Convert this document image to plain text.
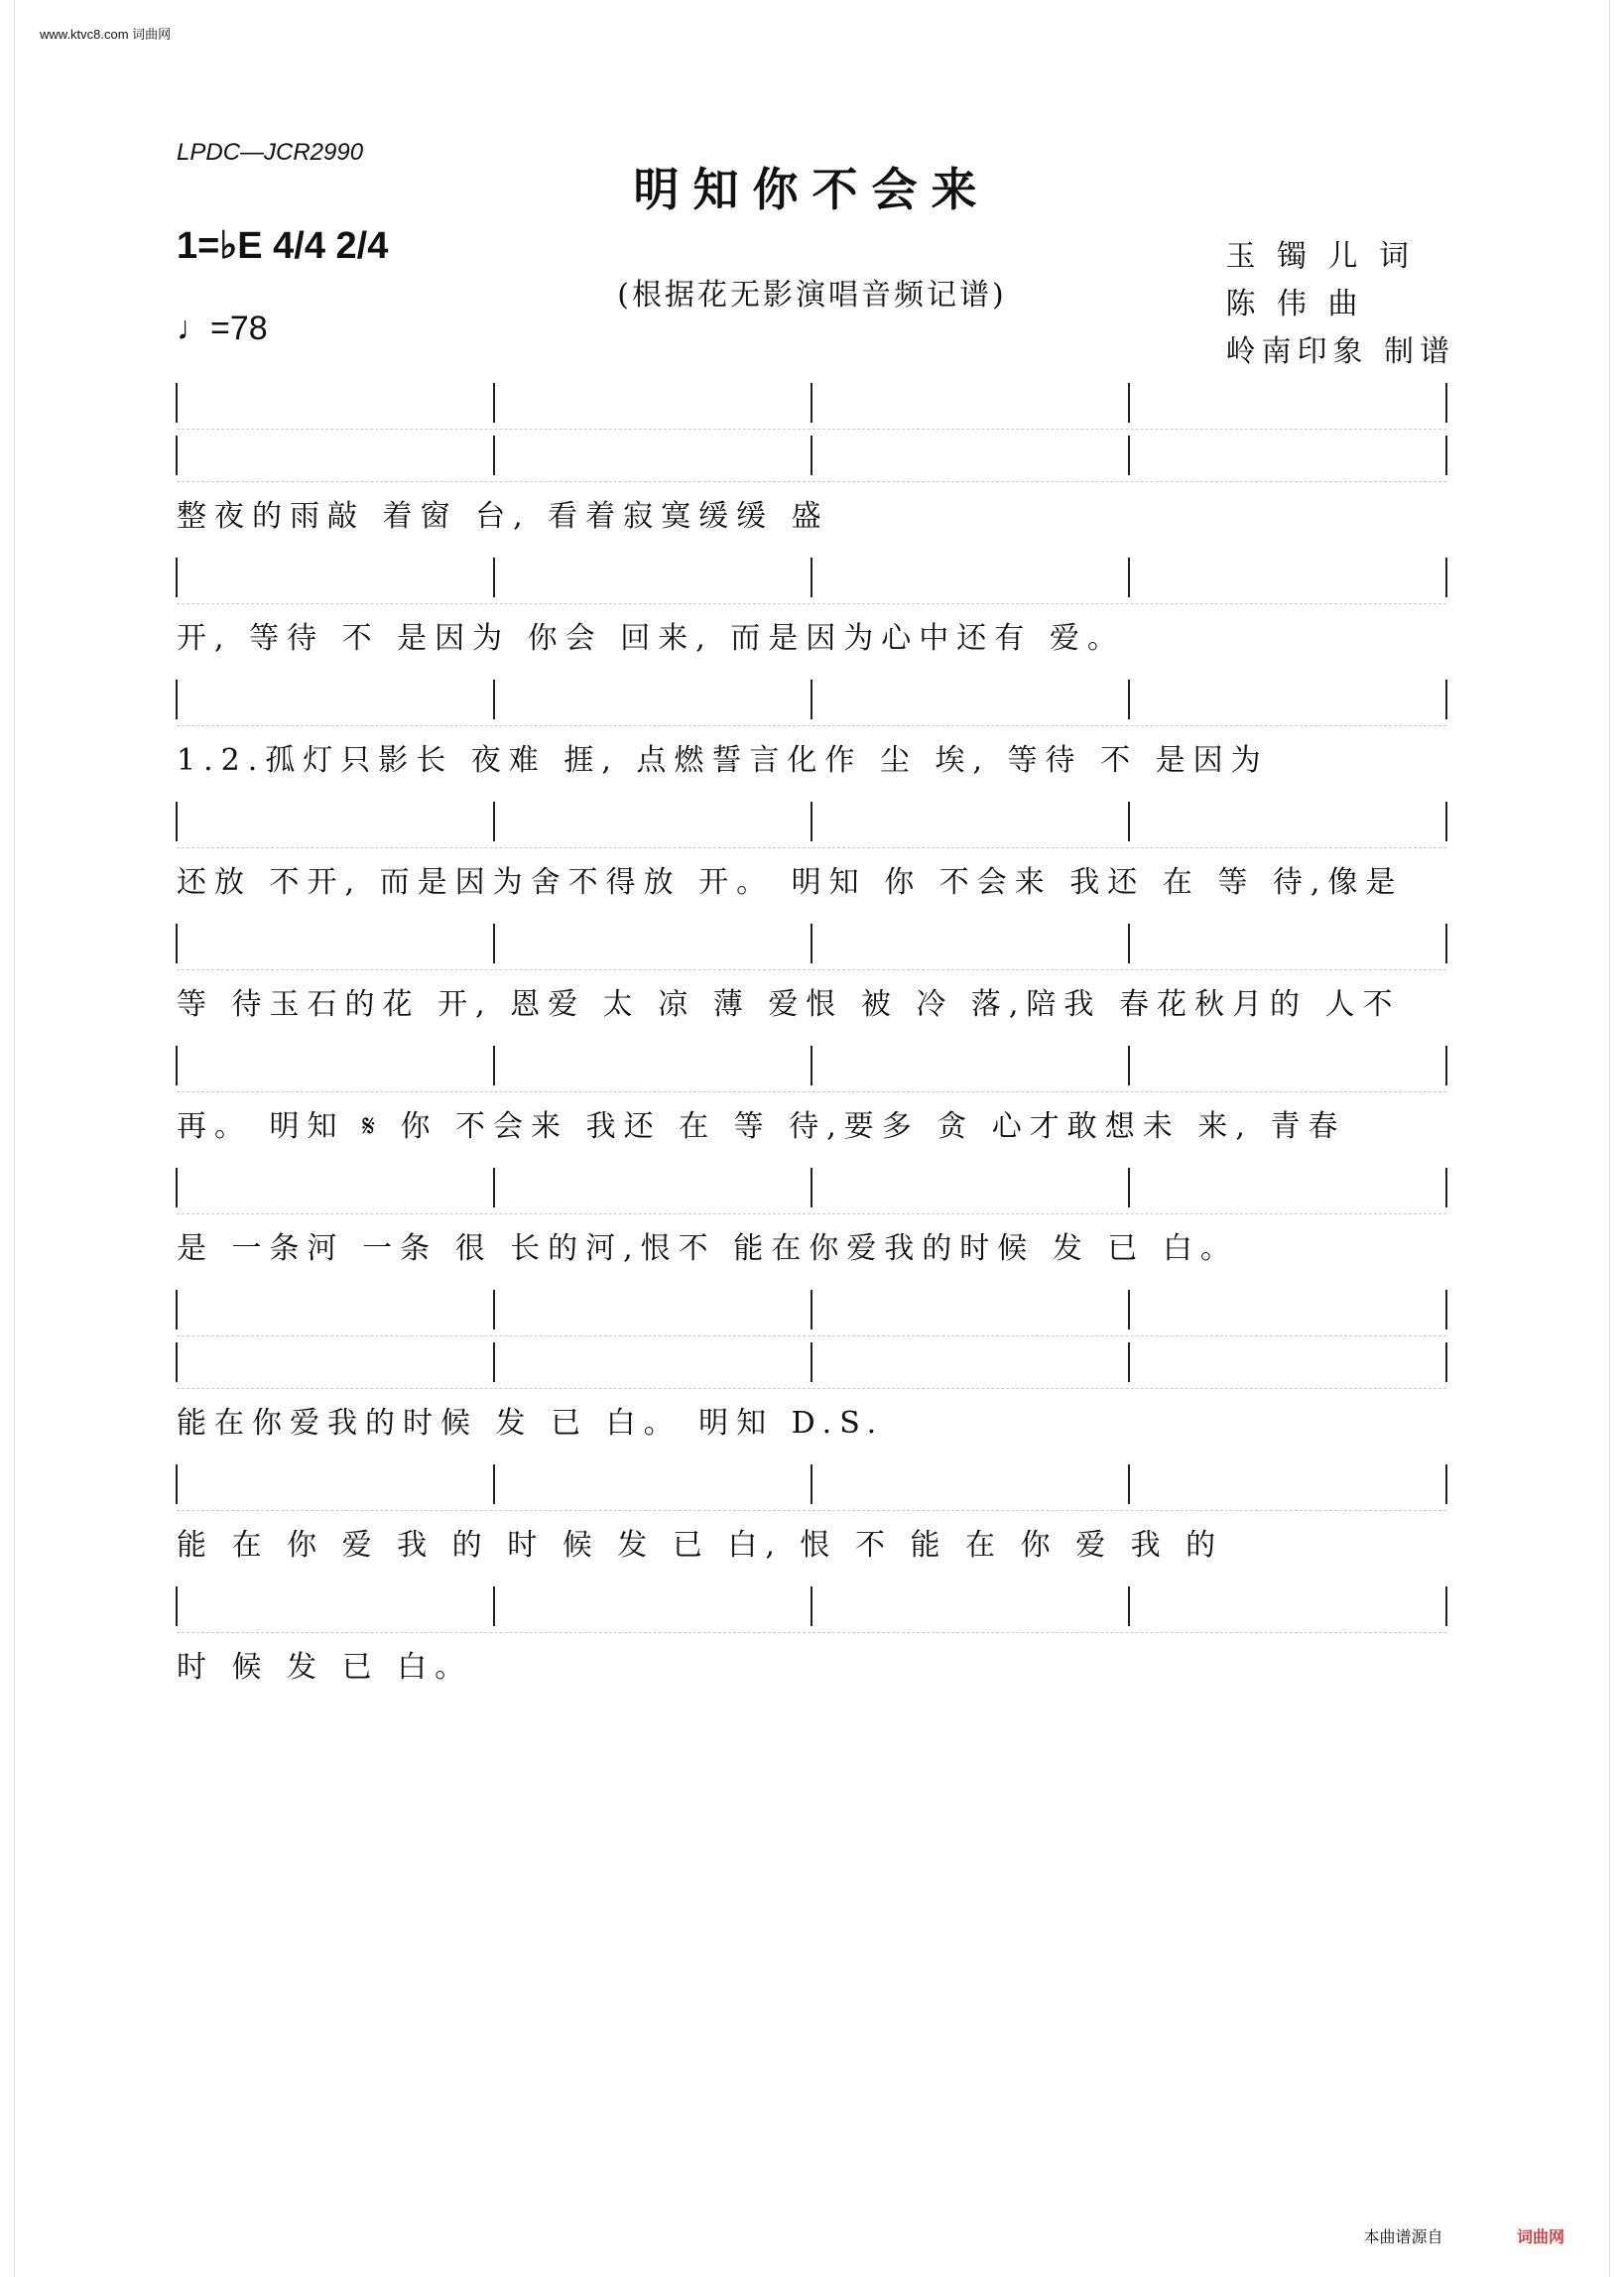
www.ktvc8.com 词曲网
LPDC—JCR2990
明知你不会来
(根据花无影演唱音频记谱)
1=♭E 4/4 2/4
♩=78
玉 镯 儿 词
陈 伟 曲
岭南印象 制谱
整夜的雨敲 着窗 台, 看着寂寞缓缓 盛
开, 等待 不 是因为 你会 回来, 而是因为心中还有 爱。
1.2.孤灯只影长 夜难 捱, 点燃誓言化作 尘 埃, 等待 不 是因为
还放 不开, 而是因为舍不得放 开。 明知 你 不会来 我还 在 等 待,像是
等 待玉石的花 开, 恩爱 太 凉 薄 爱恨 被 冷 落,陪我 春花秋月的 人不
再。 明知 𝄋 你 不会来 我还 在 等 待,要多 贪 心才敢想未 来, 青春
是 一条河 一条 很 长的河,恨不 能在你爱我的时候 发 已 白。
能在你爱我的时候 发 已 白。 明知 D.S.
能 在 你 爱 我 的 时 候 发 已 白, 恨 不 能 在 你 爱 我 的
时 候 发 已 白。
本曲谱源自	词曲网
